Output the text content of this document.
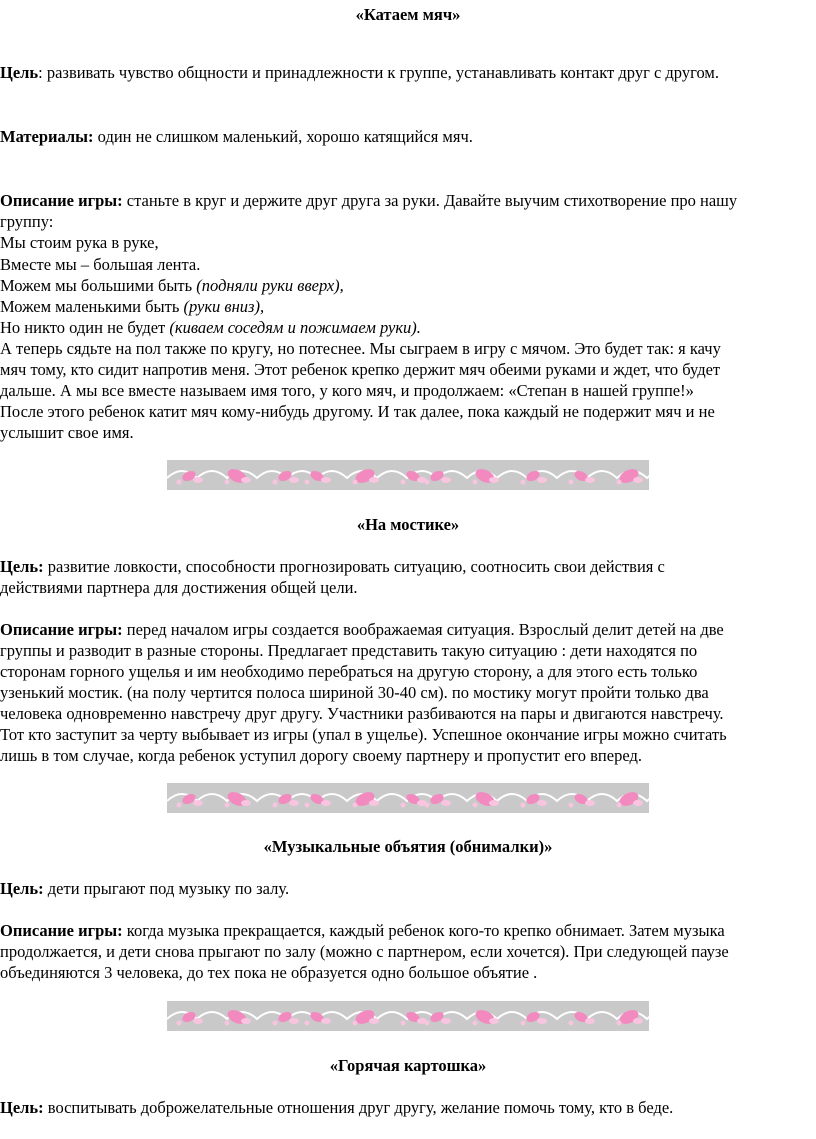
«Катаем мяч»
Цель: развивать чувство общности и принадлежности к группе, устанавливать контакт друг с другом.
Материалы: один не слишком маленький, хорошо катящийся мяч.
Описание игры: станьте в круг и держите друг друга за руки. Давайте выучим стихотворение про нашу
группу:
Мы стоим рука в руке,
Вместе мы – большая лента.
Можем мы большими быть (подняли руки вверх),
Можем маленькими быть (руки вниз),
Но никто один не будет (киваем соседям и пожимаем руки).
А теперь сядьте на пол также по кругу, но потеснее. Мы сыграем в игру с мячом. Это будет так: я качу
мяч тому, кто сидит напротив меня. Этот ребенок крепко держит мяч обеими руками и ждет, что будет
дальше. А мы все вместе называем имя того, у кого мяч, и продолжаем: «Степан в нашей группе!»
После этого ребенок катит мяч кому-нибудь другому. И так далее, пока каждый не подержит мяч и не
услышит свое имя.
«На мостике»
Цель: развитие ловкости, способности прогнозировать ситуацию, соотносить свои действия с
действиями партнера для достижения общей цели.
Описание игры: перед началом игры создается воображаемая ситуация. Взрослый делит детей на две
группы и разводит в разные стороны. Предлагает представить такую ситуацию : дети находятся по
сторонам горного ущелья и им необходимо перебраться на другую сторону, а для этого есть только
узенький мостик. (на полу чертится полоса шириной 30-40 см). по мостику могут пройти только два
человека одновременно навстречу друг другу. Участники разбиваются на пары и двигаются навстречу.
Тот кто заступит за черту выбывает из игры (упал в ущелье). Успешное окончание игры можно считать
лишь в том случае, когда ребенок уступил дорогу своему партнеру и пропустит его вперед.
«Музыкальные объятия (обнималки)»
Цель: дети прыгают под музыку по залу.
Описание игры: когда музыка прекращается, каждый ребенок кого-то крепко обнимает. Затем музыка
продолжается, и дети снова прыгают по залу (можно с партнером, если хочется). При следующей паузе
объединяются 3 человека, до тех пока не образуется одно большое объятие .
«Горячая картошка»
Цель: воспитывать доброжелательные отношения друг другу, желание помочь тому, кто в беде.
